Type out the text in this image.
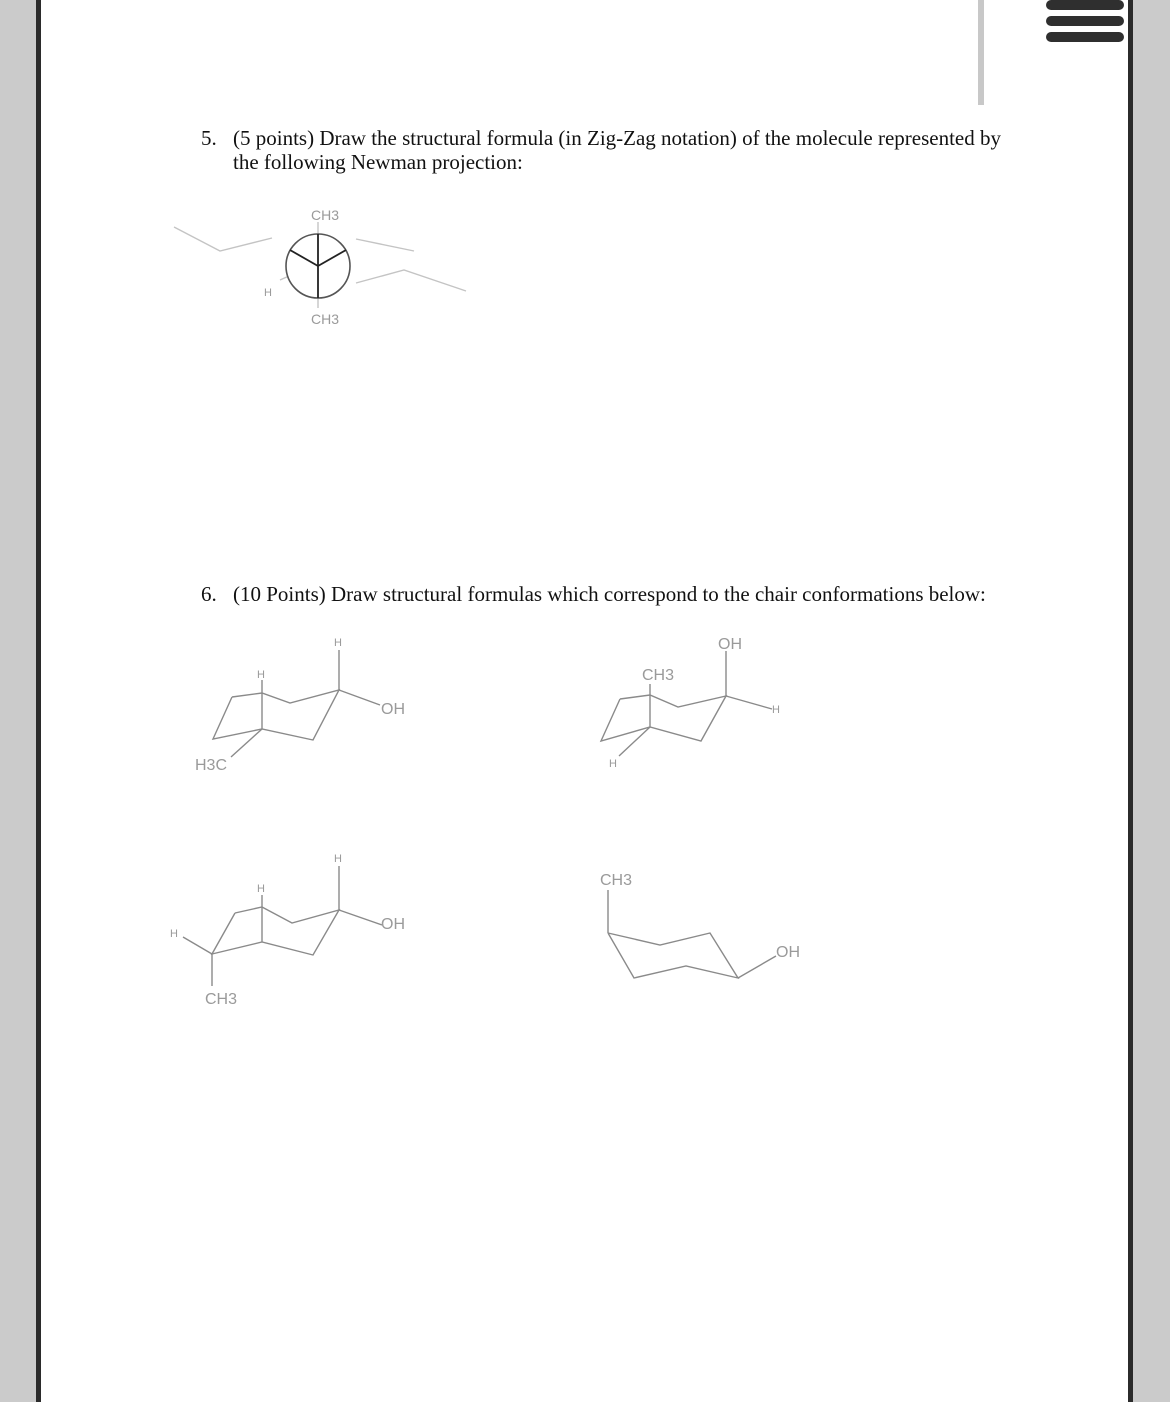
5. (5 points) Draw the structural formula (in Zig-Zag notation) of the molecule represented by the following Newman projection:
6. (10 Points) Draw structural formulas which correspond to the chair conformations below:
CH3
H
CH3
H
H
OH
H3C
OH
CH3
H
H
H
H
H
OH
CH3
CH3
OH
